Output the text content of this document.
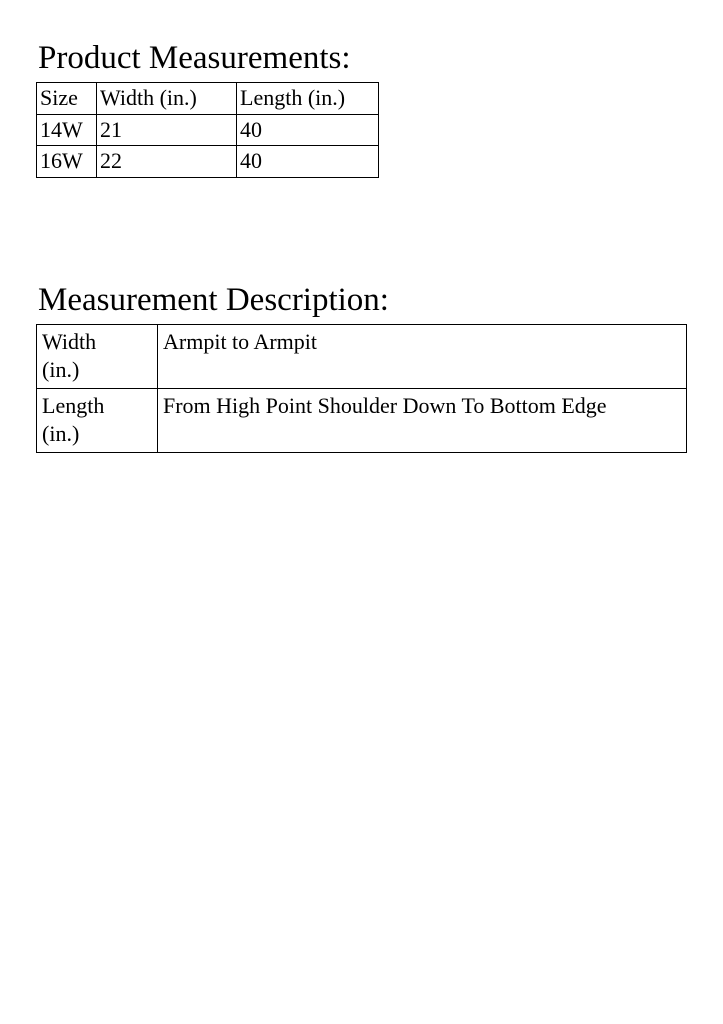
Product Measurements:
Size	Width (in.)	Length (in.)
14W	21	40
16W	22	40
Measurement Description:
Width
(in.)	Armpit to Armpit

Length
(in.)	From High Point Shoulder Down To Bottom Edge
